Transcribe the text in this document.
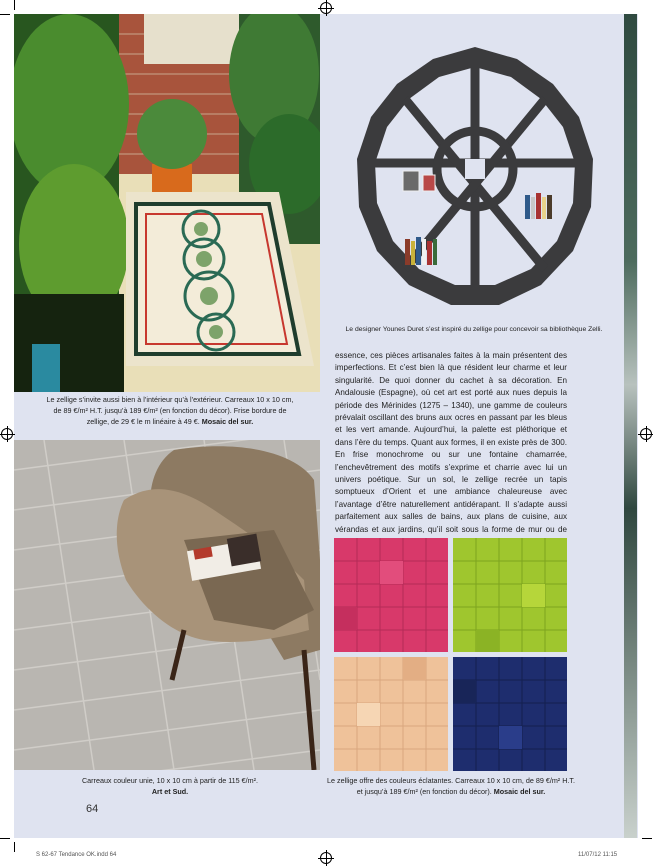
Le designer Younes Duret s’est inspiré du zellige pour concevoir sa bibliothèque Zelli.
Le zellige s’invite aussi bien à l’intérieur qu’à l’extérieur. Carreaux 10 x 10 cm,
de 89 €/m² H.T. jusqu’à 189 €/m² (en fonction du décor). Frise bordure de
zellige, de 29 € le m linéaire à 49 €. Mosaic del sur.
essence, ces pièces artisanales faites à la main présentent des imperfections. Et c’est bien là que résident leur charme et leur singularité. De quoi donner du cachet à sa décoration. En Andalousie (Espagne), où cet art est porté aux nues depuis la période des Mérinides (1275 – 1340), une gamme de couleurs prévalait oscillant des bruns aux ocres en passant par les bleus et les vert amande. Aujourd’hui, la palette est pléthorique et dans l’ère du temps. Quant aux formes, il en existe près de 300. En frise monochrome ou sur une fontaine chamarrée, l’enchevêtrement des motifs s’exprime et charrie avec lui un univers poétique. Sur un sol, le zellige recrée un tapis somptueux d’Orient et une ambiance chaleureuse avec l’avantage d’être naturellement antidérapant. Il s’adapte aussi parfaitement aux salles de bains, aux plans de cuisine, aux vérandas et aux jardins, qu’il soit sous la forme de mur ou de
Carreaux couleur unie, 10 x 10 cm à partir de 115 €/m².
Art et Sud.
Le zellige offre des couleurs éclatantes. Carreaux 10 x 10 cm, de 89 €/m² H.T.
et jusqu’à 189 €/m² (en fonction du décor). Mosaic del sur.
64
S 62-67 Tendance OK.indd 64	11/07/12 11:15
